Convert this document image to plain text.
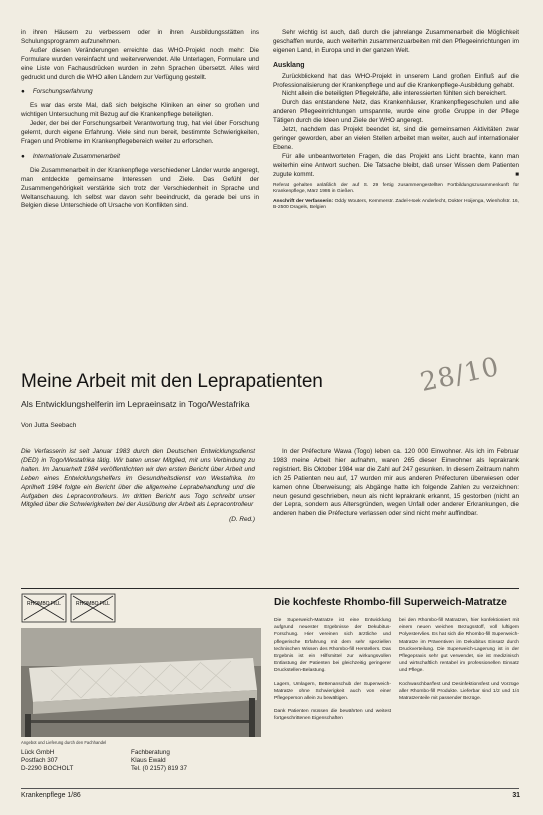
in ihren Häusern zu verbessern oder in ihren Ausbildungsstätten ins Schulungsprogramm aufzunehmen.

Außer diesen Veränderungen erreichte das WHO-Projekt noch mehr: Die Formulare wurden vereinfacht und weiterverwendet. Alle Unterlagen, Formulare und eine Liste von Fachausdrücken wurden in zehn Sprachen übersetzt. Alles wird gedruckt und durch die WHO allen Ländern zur Verfügung gestellt.

● Forschungserfahrung

Es war das erste Mal, daß sich belgische Kliniken an einer so großen und wichtigen Untersuchung mit Bezug auf die Krankenpflege beteiligten.

Jeder, der bei der Forschungsarbeit Verantwortung trug, hat viel über Forschung gelernt, durch eigene Erfahrung. Viele sind nun bereit, bestimmte Schwierigkeiten, Fragen und Probleme im Krankenpflegebereich weiter zu erforschen.

● Internationale Zusammenarbeit

Die Zusammenarbeit in der Krankenpflege verschiedener Länder wurde angeregt, man entdeckte gemeinsame Interessen und Ziele. Das Gefühl der Zusammengehörigkeit verstärkte sich trotz der Verschiedenheit in Sprache und Weltanschauung. Ich selbst war davon sehr beeindruckt, da gerade bei uns in Belgien diese Unterschiede oft Ursache von Konflikten sind.

Sehr wichtig ist auch, daß durch die jahrelange Zusammenarbeit die Möglichkeit geschaffen wurde, auch weiterhin zusammenzuarbeiten mit den Pflegeeinrichtungen im eigenen Land, in Europa und in der ganzen Welt.

Ausklang

Zurückblickend hat das WHO-Projekt in unserem Land großen Einfluß auf die Professionalisierung der Krankenpflege und auf die Krankenpflege-Ausbildung gehabt.

Nicht allein die beteiligten Pflegekräfte, alle interessierten fühlten sich bereichert.

Durch das entstandene Netz, das Krankenhäuser, Krankenpflegeschulen und alle anderen Pflegeeinrichtungen umspannte, wurde eine große Gruppe in der Pflege Tätigen durch die Ideen und Ziele der WHO angeregt.

Jetzt, nachdem das Projekt beendet ist, sind die gemeinsamen Aktivitäten zwar geringer geworden, aber an vielen Stellen arbeitet man weiter, auch auf internationaler Ebene.

Für alle unbeantworteten Fragen, die das Projekt ans Licht brachte, kann man weiterhin eine Antwort suchen. Die Tatsache bleibt, daß unser Wissen dem Patienten zugute kommt.	■

Referat gehalten anläßlich der auf S. 29 fertig zusammengestellten Fortbildungszusammenkunft für Krankenpflege, März 1986 in Gießen.
Anschrift der Verfasserin: Oddy Wouters, Kemmerstr. Zadel-Hoek Anderlecht, Dokter Hoijenga, Wienhofstr. 16, B-2500 Dragels, Belgien
28/10
Meine Arbeit mit den Leprapatienten
Als Entwicklungshelferin im Lepraeinsatz in Togo/Westafrika
Von Jutta Seebach

Die Verfasserin ist seit Januar 1983 durch den Deutschen Entwicklungsdienst (DED) in Togo/Westafrika tätig. Wir baten unser Mitglied, mit uns Verbindung zu halten. Im Januarheft 1984 veröffentlichten wir den ersten Bericht über Arbeit und Leben eines Entwicklungshelfers im Gesundheitsdienst von Westafrika. Im Aprilheft 1984 folgte ein Bericht über die allgemeine Leprabehandlung und die Aufgaben des Lepracontrolleurs. Im dritten Bericht aus Togo schreibt unser Mitglied über die Schwierigkeiten bei der Ausübung der Arbeit als Lepracontrolleur

(D. Red.)

In der Préfecture Wawa (Togo) leben ca. 120 000 Einwohner. Als ich im Februar 1983 meine Arbeit hier aufnahm, waren 265 dieser Einwohner als leprakrank registriert. Bis Oktober 1984 war die Zahl auf 247 gesunken. In diesem Zeitraum nahm ich 25 Patienten neu auf, 17 wurden mir aus anderen Préfecturen überwiesen oder kamen ohne Überweisung; als Abgänge hatte ich folgende Zahlen zu verzeichnen: neun gesund geschrieben, neun als nicht leprakrank erkannt, 15 gestorben (nicht an der Lepra, sondern aus Altersgründen, wegen Unfall oder anderer Erkrankungen, die anderen haben die Préfecture verlassen oder sind nicht mehr auffindbar.

RHOMBO FILL	RHOMBO FILL	Die kochfeste Rhombo-fill Superweich-Matratze
Angebot und Lieferung durch den Fachhandel

Die Superweich-Matratze ist eine Entwicklung aufgrund neuester Ergebnisse der Dekubitus-Forschung. Hier vereinen sich ärztliche und pflegerische Erfahrung mit dem sehr speziellen technischen Wissen des Rhombo-fill Herstellers. Das Ergebnis ist ein Hilfsmittel zur wirkungsvollen Entlastung der Patienten bei gleichzeitig geringerer Druckstellen-Belastung.

Lagern, Umlagern, Bettenanschub der Superweich-Matratze ohne Schwierigkeit auch von einer Pflegeperson allein zu bewältigen.

Dank Patienten müssen die bewährten und weitest fortgeschrittenen Eigenschaften

bei den Rhombo-fill Matratzen, hier konfektioniert mit einem neuen weichen Bezugsstoff, voll luftigem Polyestervlies. Es hat sich die Rhombo-fill Superweich-Matratze im Präventiven im Dekubitus Einsatz durch Druckverteilung. Die Superweich-Lagerung ist in der Pflegepraxis sehr gut verwendet, sie ist medizinisch und wirtschaftlich rentabel im professionellen Einsatz und Pflege.

Kochwaschbar/fest und Desinfektionsfest und Vorzüge aller Rhombo-fill Produkte. Lieferbar sind 1/2 und 1/4 Matratzenteile mit passender Bezüge.

Lück GmbH
Postfach 307
D-2290 BOCHOLT
Fachberatung
Klaus Ewald
Tel. (0 2157) 819 37
Krankenpflege 1/86	31
